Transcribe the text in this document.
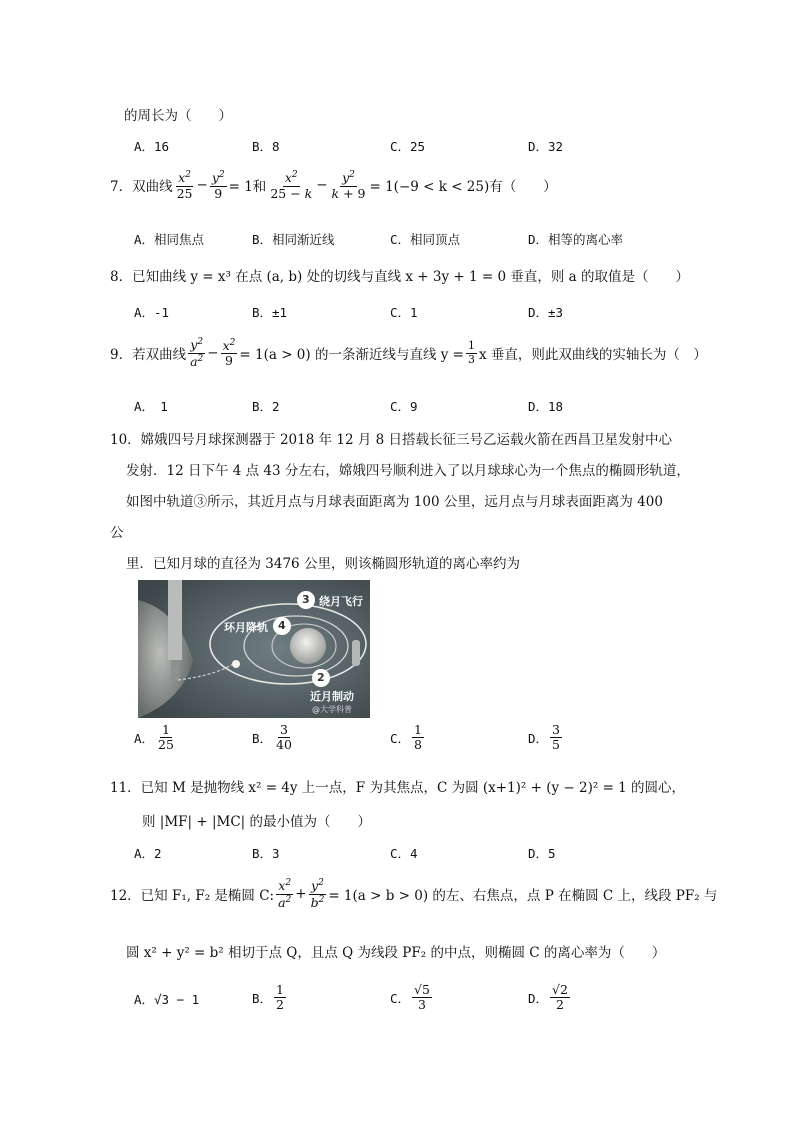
的周长为（　　）
A．16	B．8	C．25	D．32
7． 双曲线 $\frac{x^2}{25} - \frac{y^2}{9} = 1$和 $\frac{x^2}{25 - k} - \frac{y^2}{k + 9} = 1(-9 < k < 25)$有（　　）
A．相同焦点	B．相同渐近线	C．相同顶点	D．相等的离心率
8．已知曲线 y = x³ 在点 (a, b) 处的切线与直线 x + 3y + 1 = 0 垂直，则 a 的取值是（　　）
A．-1	B．±1	C．1	D．±3
9． 若双曲线 $\frac{y^2}{a^2} - \frac{x^2}{9} = 1(a > 0)$ 的一条渐近线与直线 $y = \frac{1}{3}$ x 垂直，则此双曲线的实轴长为（　）
A．　1	B．2	C．9	D．18
10．嫦娥四号月球探测器于 2018 年 12 月 8 日搭载长征三号乙运载火箭在西昌卫星发射中心
发射．12 日下午 4 点 43 分左右，嫦娥四号顺利进入了以月球球心为一个焦点的椭圆形轨道，
如图中轨道③所示，其近月点与月球表面距离为 100 公里，远月点与月球表面距离为 400
公
里．已知月球的直径为 3476 公里，则该椭圆形轨道的离心率约为
3
4
2
绕月飞行
环月降轨
近月制动
@大学科普
A． $\frac{1}{25}$	B． $\frac{3}{40}$	C． $\frac{1}{8}$	D． $\frac{3}{5}$
11．已知 M 是抛物线 x² = 4y 上一点，F 为其焦点，C 为圆 (x+1)² + (y − 2)² = 1 的圆心，
则 |MF| + |MC| 的最小值为（　　）
A．2	B．3	C．4	D．5
12．已知 F₁, F₂ 是椭圆 C: $\frac{x^2}{a^2} + \frac{y^2}{b^2} = 1(a > b > 0)$ 的左、右焦点，点 P 在椭圆 C 上，线段 PF₂ 与
圆 x² + y² = b² 相切于点 Q，且点 Q 为线段 PF₂ 的中点，则椭圆 C 的离心率为（　　）
A．√3 − 1	B． $\frac{1}{2}$	C． $\frac{√5}{3}$	D． $\frac{√2}{2}$
